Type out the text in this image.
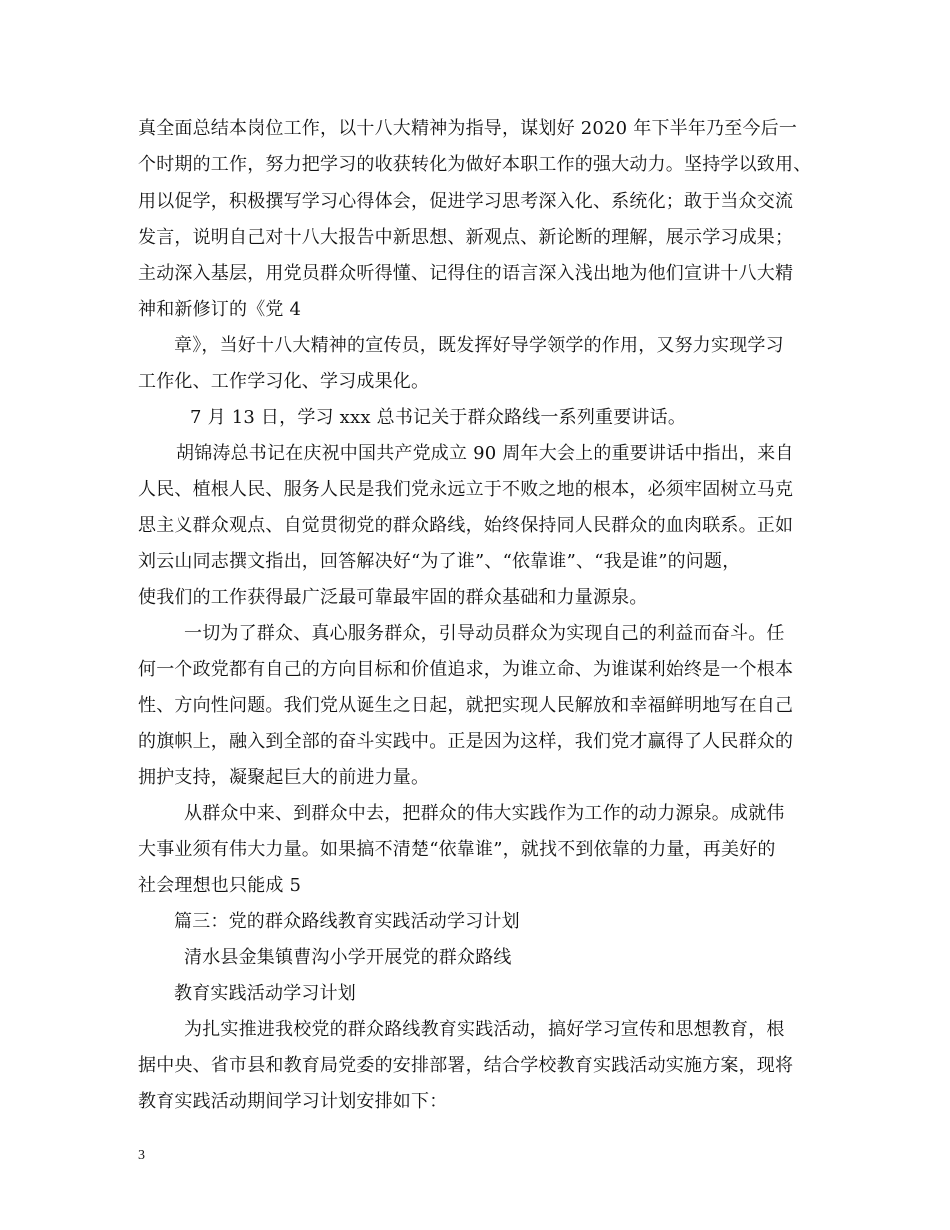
真全面总结本岗位工作，以十八大精神为指导，谋划好 2020 年下半年乃至今后一
个时期的工作，努力把学习的收获转化为做好本职工作的强大动力。坚持学以致用、
用以促学，积极撰写学习心得体会，促进学习思考深入化、系统化；敢于当众交流
发言，说明自己对十八大报告中新思想、新观点、新论断的理解，展示学习成果；
主动深入基层，用党员群众听得懂、记得住的语言深入浅出地为他们宣讲十八大精
神和新修订的《党 4
章》，当好十八大精神的宣传员，既发挥好导学领学的作用，又努力实现学习
工作化、工作学习化、学习成果化。
7 月 13 日，学习 xxx 总书记关于群众路线一系列重要讲话。
胡锦涛总书记在庆祝中国共产党成立 90 周年大会上的重要讲话中指出，来自
人民、植根人民、服务人民是我们党永远立于不败之地的根本，必须牢固树立马克
思主义群众观点、自觉贯彻党的群众路线，始终保持同人民群众的血肉联系。正如
刘云山同志撰文指出，回答解决好“为了谁”、“依靠谁”、“我是谁”的问题，
使我们的工作获得最广泛最可靠最牢固的群众基础和力量源泉。
一切为了群众、真心服务群众，引导动员群众为实现自己的利益而奋斗。任
何一个政党都有自己的方向目标和价值追求，为谁立命、为谁谋利始终是一个根本
性、方向性问题。我们党从诞生之日起，就把实现人民解放和幸福鲜明地写在自己
的旗帜上，融入到全部的奋斗实践中。正是因为这样，我们党才赢得了人民群众的
拥护支持，凝聚起巨大的前进力量。
从群众中来、到群众中去，把群众的伟大实践作为工作的动力源泉。成就伟
大事业须有伟大力量。如果搞不清楚“依靠谁”，就找不到依靠的力量，再美好的
社会理想也只能成 5
篇三：党的群众路线教育实践活动学习计划
清水县金集镇曹沟小学开展党的群众路线
教育实践活动学习计划
为扎实推进我校党的群众路线教育实践活动，搞好学习宣传和思想教育，根
据中央、省市县和教育局党委的安排部署，结合学校教育实践活动实施方案，现将
教育实践活动期间学习计划安排如下：
3
